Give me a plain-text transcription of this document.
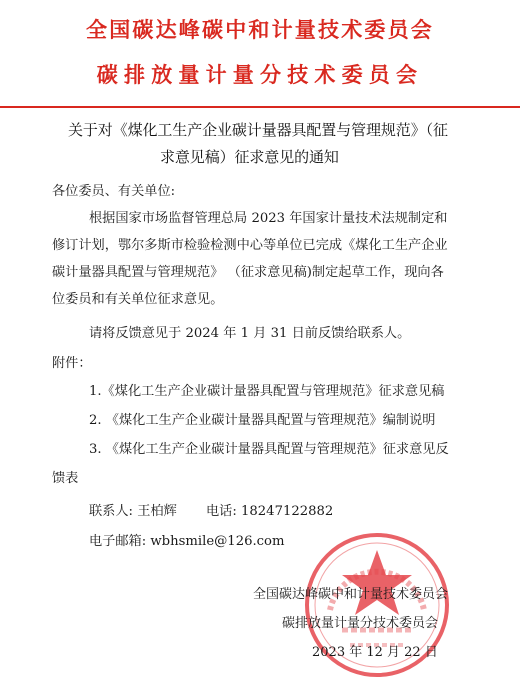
全国碳达峰碳中和计量技术委员会
碳排放量计量分技术委员会
关于对《煤化工生产企业碳计量器具配置与管理规范》（征
求意见稿）征求意见的通知
各位委员、有关单位:
根据国家市场监督管理总局 2023 年国家计量技术法规制定和
修订计划，鄂尔多斯市检验检测中心等单位已完成《煤化工生产企业
碳计量器具配置与管理规范》 （征求意见稿)制定起草工作，现向各
位委员和有关单位征求意见。
请将反馈意见于 2024 年 1 月 31 日前反馈给联系人。
附件：
1.《煤化工生产企业碳计量器具配置与管理规范》征求意见稿
2. 《煤化工生产企业碳计量器具配置与管理规范》编制说明
3. 《煤化工生产企业碳计量器具配置与管理规范》征求意见反
馈表
联系人: 王柏辉 电话: 18247122882
电子邮箱: wbhsmile@126.com
全国碳达峰碳中和计量技术委员会
碳排放量计量分技术委员会
2023 年 12 月 22 日
